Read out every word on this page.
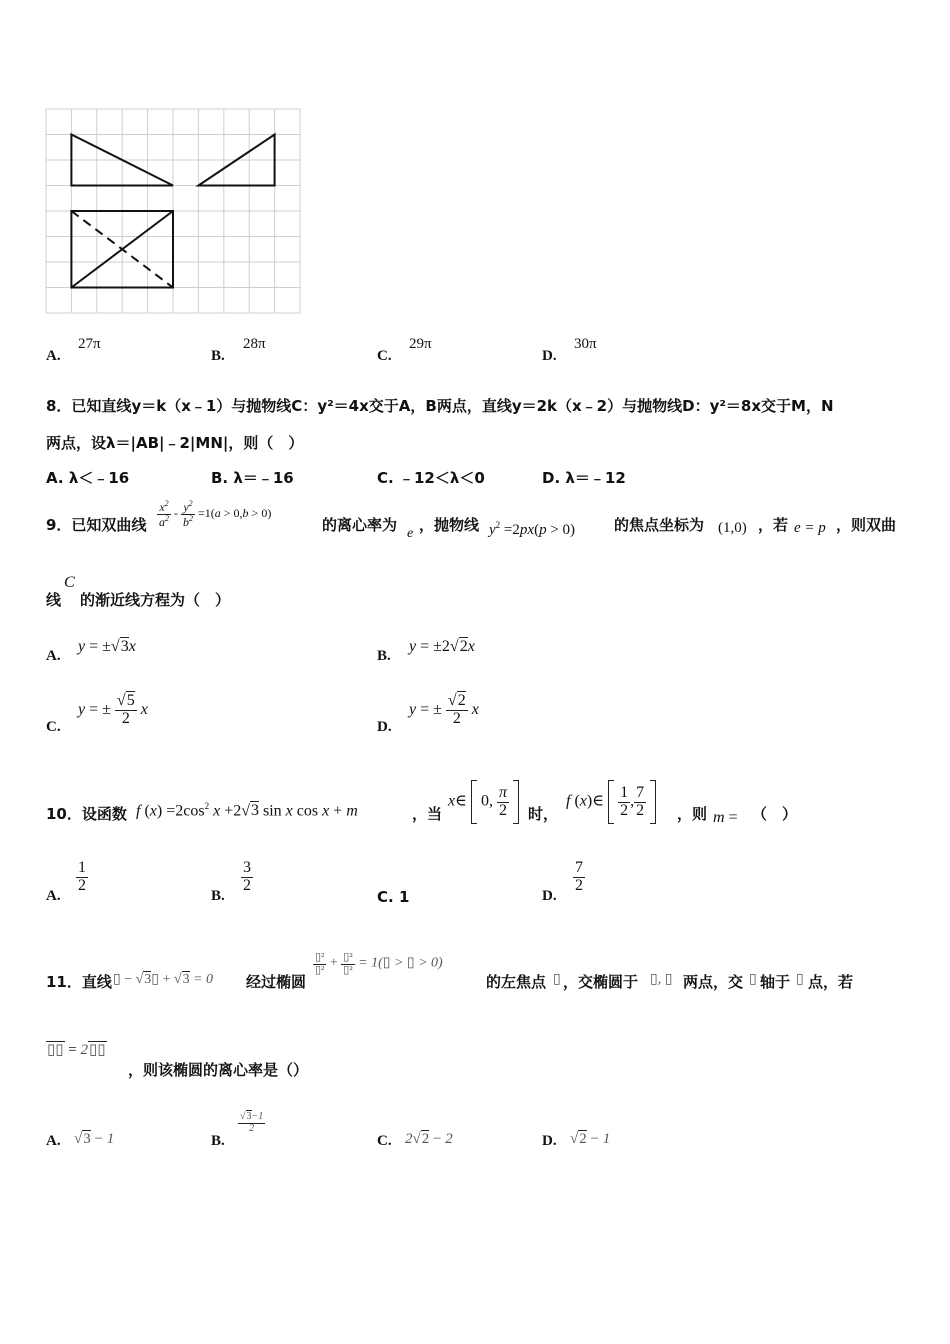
A.
27π
B.
28π
C.
29π
D.
30π
8．已知直线y＝k（x﹣1）与抛物线C：y²＝4x交于A，B两点，直线y＝2k（x﹣2）与抛物线D：y²＝8x交于M，N
两点，设λ＝|AB|﹣2|MN|，则（　）
A. λ＜﹣16	B. λ＝﹣16	C. ﹣12＜λ＜0	D. λ＝﹣12
9．已知双曲线 $\frac{x^2}{a^2} - \frac{y^2}{b^2} =1(a > 0,b > 0)$
的离心率为 e ，抛物线 $y^2 =2px(p > 0)$	的焦点坐标为 (1,0) ，若 e = p ，则双曲
线
C
的渐近线方程为（　）
A.
y = ±√3x
B.
y = ±2√2x
C.
y = ± $\frac{√5}{2}$ x
D.
y = ± $\frac{√2}{2}$ x
10．设函数 f $(x) =2\cos^2$ x +2√3 sin x cos x + m	，当
x∈ 0, $\frac{\pi}{2}$
时，
f (x)∈ $\frac{1}{2}$ , $\frac{7}{2}$
，则 m = （　）
A.
$\frac{1}{2}$
B.
$\frac{3}{2}$
C. 1	D.
$\frac{7}{2}$
11．直线 ▯ − √3▯ + √3 = 0 经过椭圆
$\frac{\text{▯²}}{\text{▯²}} + \frac{\text{▯²}}{\text{▯²}}$ = 1(▯ > ▯ > 0)
的左焦点 ▯ ，交椭圆于 ▯, ▯ 两点，交 ▯ 轴于 ▯ 点，若
▯▯ = 2▯▯
，则该椭圆的离心率是（）
A. √3 − 1	B.
$\frac{√3-1}{2}$
C. 2√2 − 2	D. √2 − 1
